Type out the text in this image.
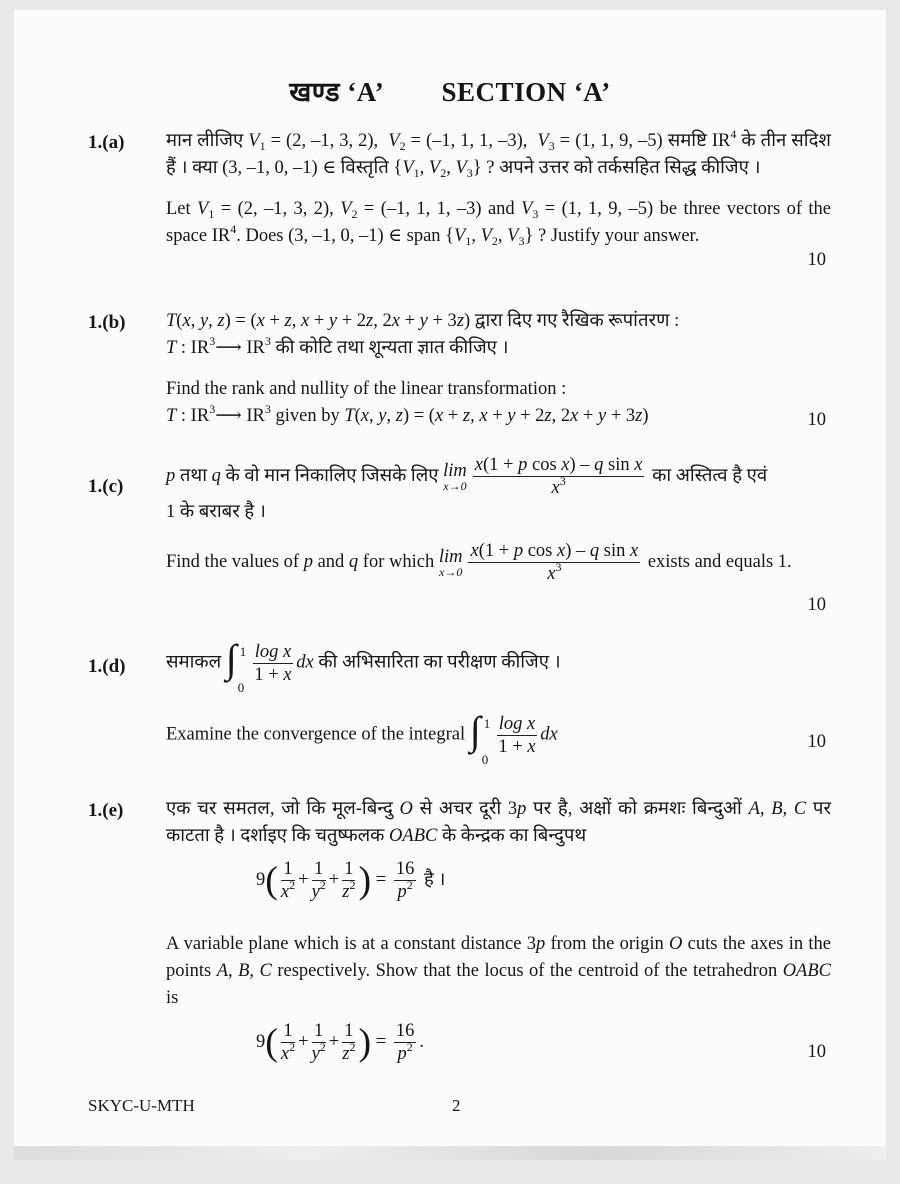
खण्ड ‘A’ SECTION ‘A’
1.(a) मान लीजिए $V_1 = (2$, –1, 3, 2),  $V_2 = (-1$, 1, 1, –3),  $V_3 = (1$, 1, 9, –5) समष्टि $IR^4$ के तीन सदिश हैं । क्या (3, –1, 0, –1) ∈ विस्तृति {$V_1$, $V_2$, $V_3$} ? अपने उत्तर को तर्कसहित सिद्ध कीजिए ।

Let $V_1 = (2$, –1, 3, 2), $V_2 = (-1$, 1, 1, –3) and $V_3 = (1$, 1, 9, –5) be three vectors of the space $IR^4$. Does (3, –1, 0, –1) ∈ span {$V_1$, $V_2$, $V_3$} ? Justify your answer.

10
1.(b) T(x, y, z) = (x + z, x + y + 2z, 2x + y + 3z) द्वारा दिए गए रैखिक रूपांतरण :
T : $IR^3⟶$ $IR^3$ की कोटि तथा शून्यता ज्ञात कीजिए ।

Find the rank and nullity of the linear transformation :
T : $IR^3⟶$ $IR^3$ given by T(x, y, z) = (x + z, x + y + 2z, 2x + y + 3z)	10
1.(c)

p तथा q के वो मान निकालिए जिसके लिए lim
$x\to 0 \frac{\text{x(1 + p cos x) – q sin x}}{x^3}$ का अस्तित्व है एवं
1 के बराबर है ।

Find the values of p and q for which lim
$x\to 0 \frac{\text{x(1 + p cos x) – q sin x}}{x^3}$ exists and equals 1.

10
1.(d) समाकल ∫ 1
0
$\frac{\text{log x}}{1 + x}$ dx की अभिसारिता का परीक्षण कीजिए ।

Examine the convergence of the integral ∫ 1
0
$\frac{\text{log x}}{1 + x}$ dx	10
1.(e) एक चर समतल, जो कि मूल-बिन्दु O से अचर दूरी 3p पर है, अक्षों को क्रमशः बिन्दुओं A, B, C पर काटता है । दर्शाइए कि चतुष्फलक OABC के केन्द्रक का बिन्दुपथ

$9( \frac{1}{x^2} + \frac{1}{y^2} + \frac{1}{z^2}$ ) = $\frac{16}{p^2}$ है ।

A variable plane which is at a constant distance 3p from the origin O cuts the axes in the points A, B, C respectively. Show that the locus of the centroid of the tetrahedron OABC is

$9( \frac{1}{x^2} + \frac{1}{y^2} + \frac{1}{z^2}$ ) = $\frac{16}{p^2}$ .

10
SKYC-U-MTH	2
